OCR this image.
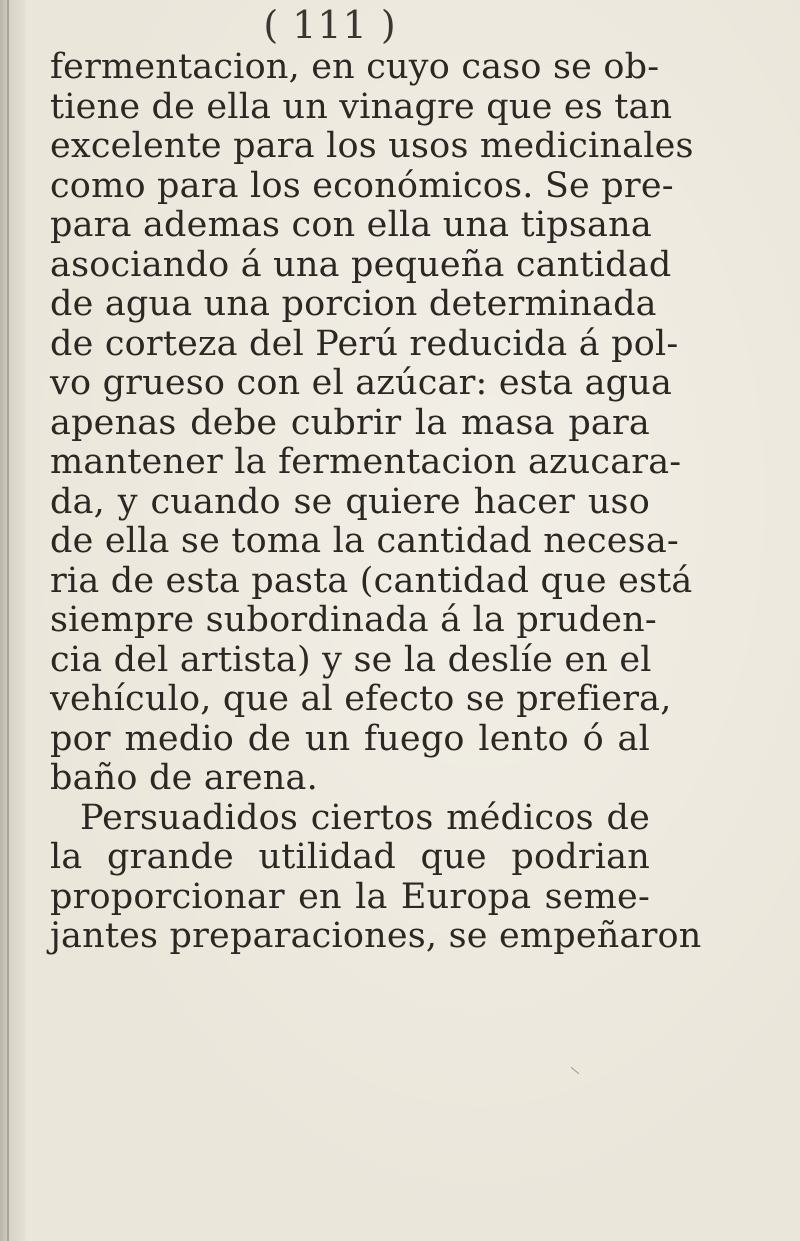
( 111 )
fermentacion, en cuyo caso se ob-
tiene de ella un vinagre que es tan
excelente para los usos medicinales
como para los económicos. Se pre-
para ademas con ella una tipsana
asociando á una pequeña cantidad
de agua una porcion determinada
de corteza del Perú reducida á pol-
vo grueso con el azúcar: esta agua
apenas debe cubrir la masa para
mantener la fermentacion azucara-
da, y cuando se quiere hacer uso
de ella se toma la cantidad necesa-
ria de esta pasta (cantidad que está
siempre subordinada á la pruden-
cia del artista) y se la deslíe en el
vehículo, que al efecto se prefiera,
por medio de un fuego lento ó al
baño de arena.
Persuadidos ciertos médicos de
la grande utilidad que podrian
proporcionar en la Europa seme-
jantes preparaciones, se empeñaron
